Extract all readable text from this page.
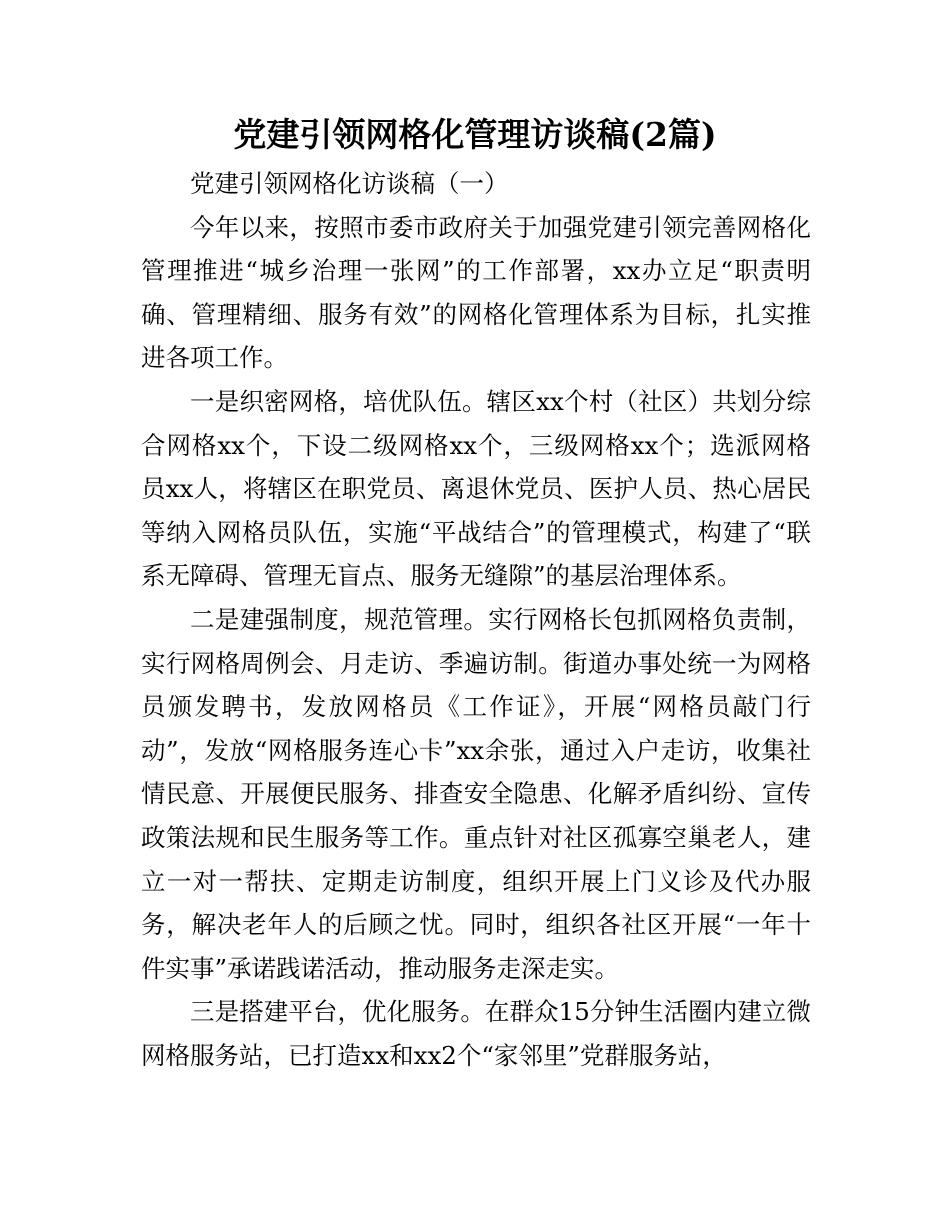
党建引领网格化管理访谈稿(2篇)

党建引领网格化访谈稿（一）

今年以来，按照市委市政府关于加强党建引领完善网格化管理推进“城乡治理一张网”的工作部署，xx办立足“职责明确、管理精细、服务有效”的网格化管理体系为目标，扎实推进各项工作。

一是织密网格，培优队伍。辖区xx个村（社区）共划分综合网格xx个，下设二级网格xx个，三级网格xx个；选派网格员xx人，将辖区在职党员、离退休党员、医护人员、热心居民等纳入网格员队伍，实施“平战结合”的管理模式，构建了“联系无障碍、管理无盲点、服务无缝隙”的基层治理体系。

二是建强制度，规范管理。实行网格长包抓网格负责制，实行网格周例会、月走访、季遍访制。街道办事处统一为网格员颁发聘书，发放网格员《工作证》，开展“网格员敲门行动”，发放“网格服务连心卡”xx余张，通过入户走访，收集社情民意、开展便民服务、排查安全隐患、化解矛盾纠纷、宣传政策法规和民生服务等工作。重点针对社区孤寡空巢老人，建立一对一帮扶、定期走访制度，组织开展上门义诊及代办服务，解决老年人的后顾之忧。同时，组织各社区开展“一年十件实事”承诺践诺活动，推动服务走深走实。

三是搭建平台，优化服务。在群众15分钟生活圈内建立微网格服务站，已打造xx和xx2个“家邻里”党群服务站，
